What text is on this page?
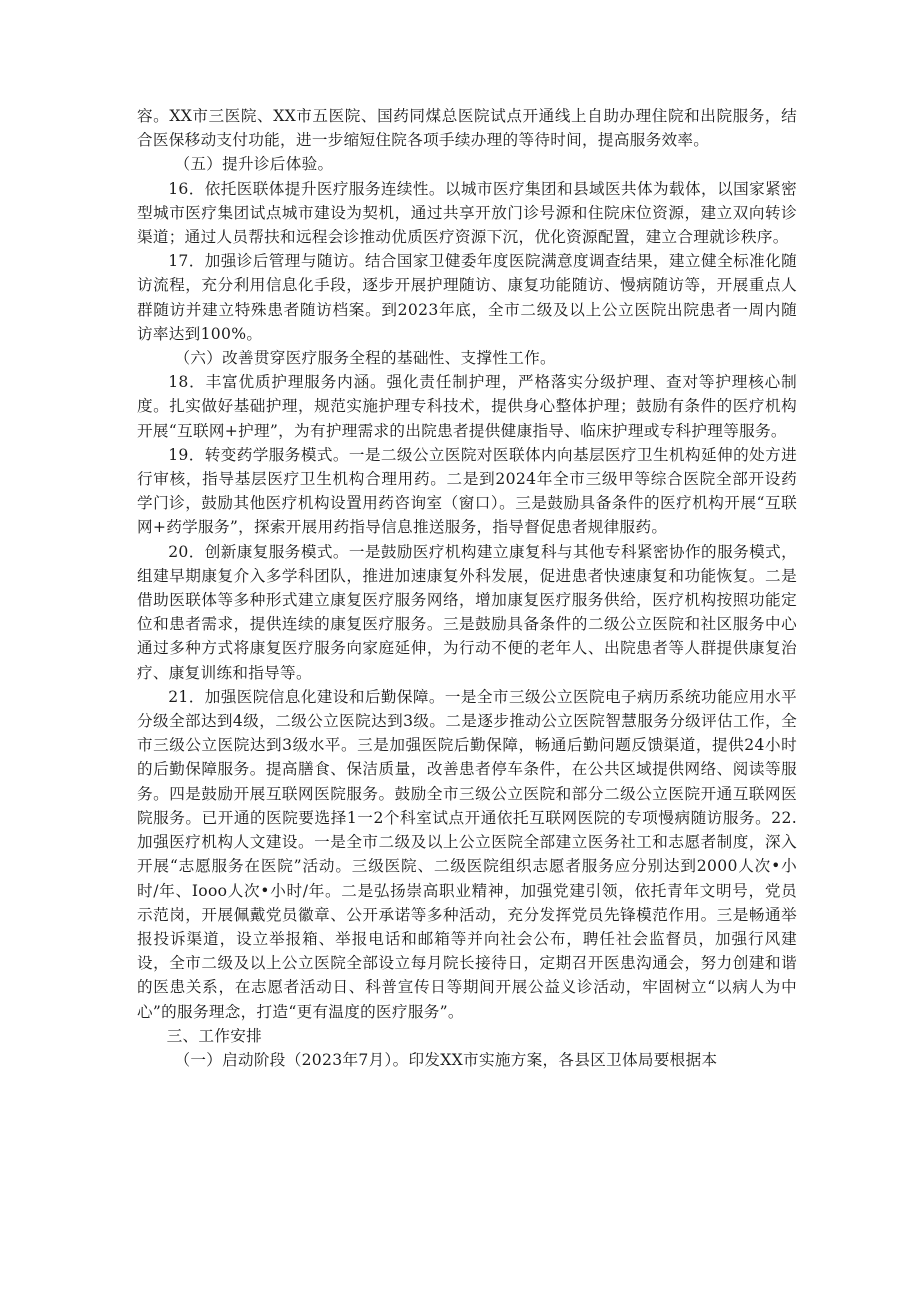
容。XX市三医院、XX市五医院、国药同煤总医院试点开通线上自助办理住院和出院服务，结合医保移动支付功能，进一步缩短住院各项手续办理的等待时间，提高服务效率。

（五）提升诊后体验。

16．依托医联体提升医疗服务连续性。以城市医疗集团和县域医共体为载体，以国家紧密型城市医疗集团试点城市建设为契机，通过共享开放门诊号源和住院床位资源，建立双向转诊渠道；通过人员帮扶和远程会诊推动优质医疗资源下沉，优化资源配置，建立合理就诊秩序。

17．加强诊后管理与随访。结合国家卫健委年度医院满意度调查结果，建立健全标准化随访流程，充分利用信息化手段，逐步开展护理随访、康复功能随访、慢病随访等，开展重点人群随访并建立特殊患者随访档案。到2023年底，全市二级及以上公立医院出院患者一周内随访率达到100%。

（六）改善贯穿医疗服务全程的基础性、支撑性工作。

18．丰富优质护理服务内涵。强化责任制护理，严格落实分级护理、查对等护理核心制度。扎实做好基础护理，规范实施护理专科技术，提供身心整体护理；鼓励有条件的医疗机构开展“互联网+护理”，为有护理需求的出院患者提供健康指导、临床护理或专科护理等服务。

19．转变药学服务模式。一是二级公立医院对医联体内向基层医疗卫生机构延伸的处方进行审核，指导基层医疗卫生机构合理用药。二是到2024年全市三级甲等综合医院全部开设药学门诊，鼓励其他医疗机构设置用药咨询室（窗口）。三是鼓励具备条件的医疗机构开展“互联网+药学服务”，探索开展用药指导信息推送服务，指导督促患者规律服药。

20．创新康复服务模式。一是鼓励医疗机构建立康复科与其他专科紧密协作的服务模式，组建早期康复介入多学科团队，推进加速康复外科发展，促进患者快速康复和功能恢复。二是借助医联体等多种形式建立康复医疗服务网络，增加康复医疗服务供给，医疗机构按照功能定位和患者需求，提供连续的康复医疗服务。三是鼓励具备条件的二级公立医院和社区服务中心通过多种方式将康复医疗服务向家庭延伸，为行动不便的老年人、出院患者等人群提供康复治疗、康复训练和指导等。

21．加强医院信息化建设和后勤保障。一是全市三级公立医院电子病历系统功能应用水平分级全部达到4级，二级公立医院达到3级。二是逐步推动公立医院智慧服务分级评估工作，全市三级公立医院达到3级水平。三是加强医院后勤保障，畅通后勤问题反馈渠道，提供24小时的后勤保障服务。提高膳食、保洁质量，改善患者停车条件，在公共区域提供网络、阅读等服务。四是鼓励开展互联网医院服务。鼓励全市三级公立医院和部分二级公立医院开通互联网医院服务。已开通的医院要选择1一2个科室试点开通依托互联网医院的专项慢病随访服务。22.加强医疗机构人文建设。一是全市二级及以上公立医院全部建立医务社工和志愿者制度，深入开展“志愿服务在医院”活动。三级医院、二级医院组织志愿者服务应分别达到2000人次•小时/年、Iooo人次•小时/年。二是弘扬崇高职业精神，加强党建引领，依托青年文明号，党员示范岗，开展佩戴党员徽章、公开承诺等多种活动，充分发挥党员先锋模范作用。三是畅通举报投诉渠道，设立举报箱、举报电话和邮箱等并向社会公布，聘任社会监督员，加强行风建设，全市二级及以上公立医院全部设立每月院长接待日，定期召开医患沟通会，努力创建和谐的医患关系，在志愿者活动日、科普宣传日等期间开展公益义诊活动，牢固树立“以病人为中心”的服务理念，打造“更有温度的医疗服务”。

三、工作安排

（一）启动阶段（2023年7月）。印发XX市实施方案，各县区卫体局要根据本
